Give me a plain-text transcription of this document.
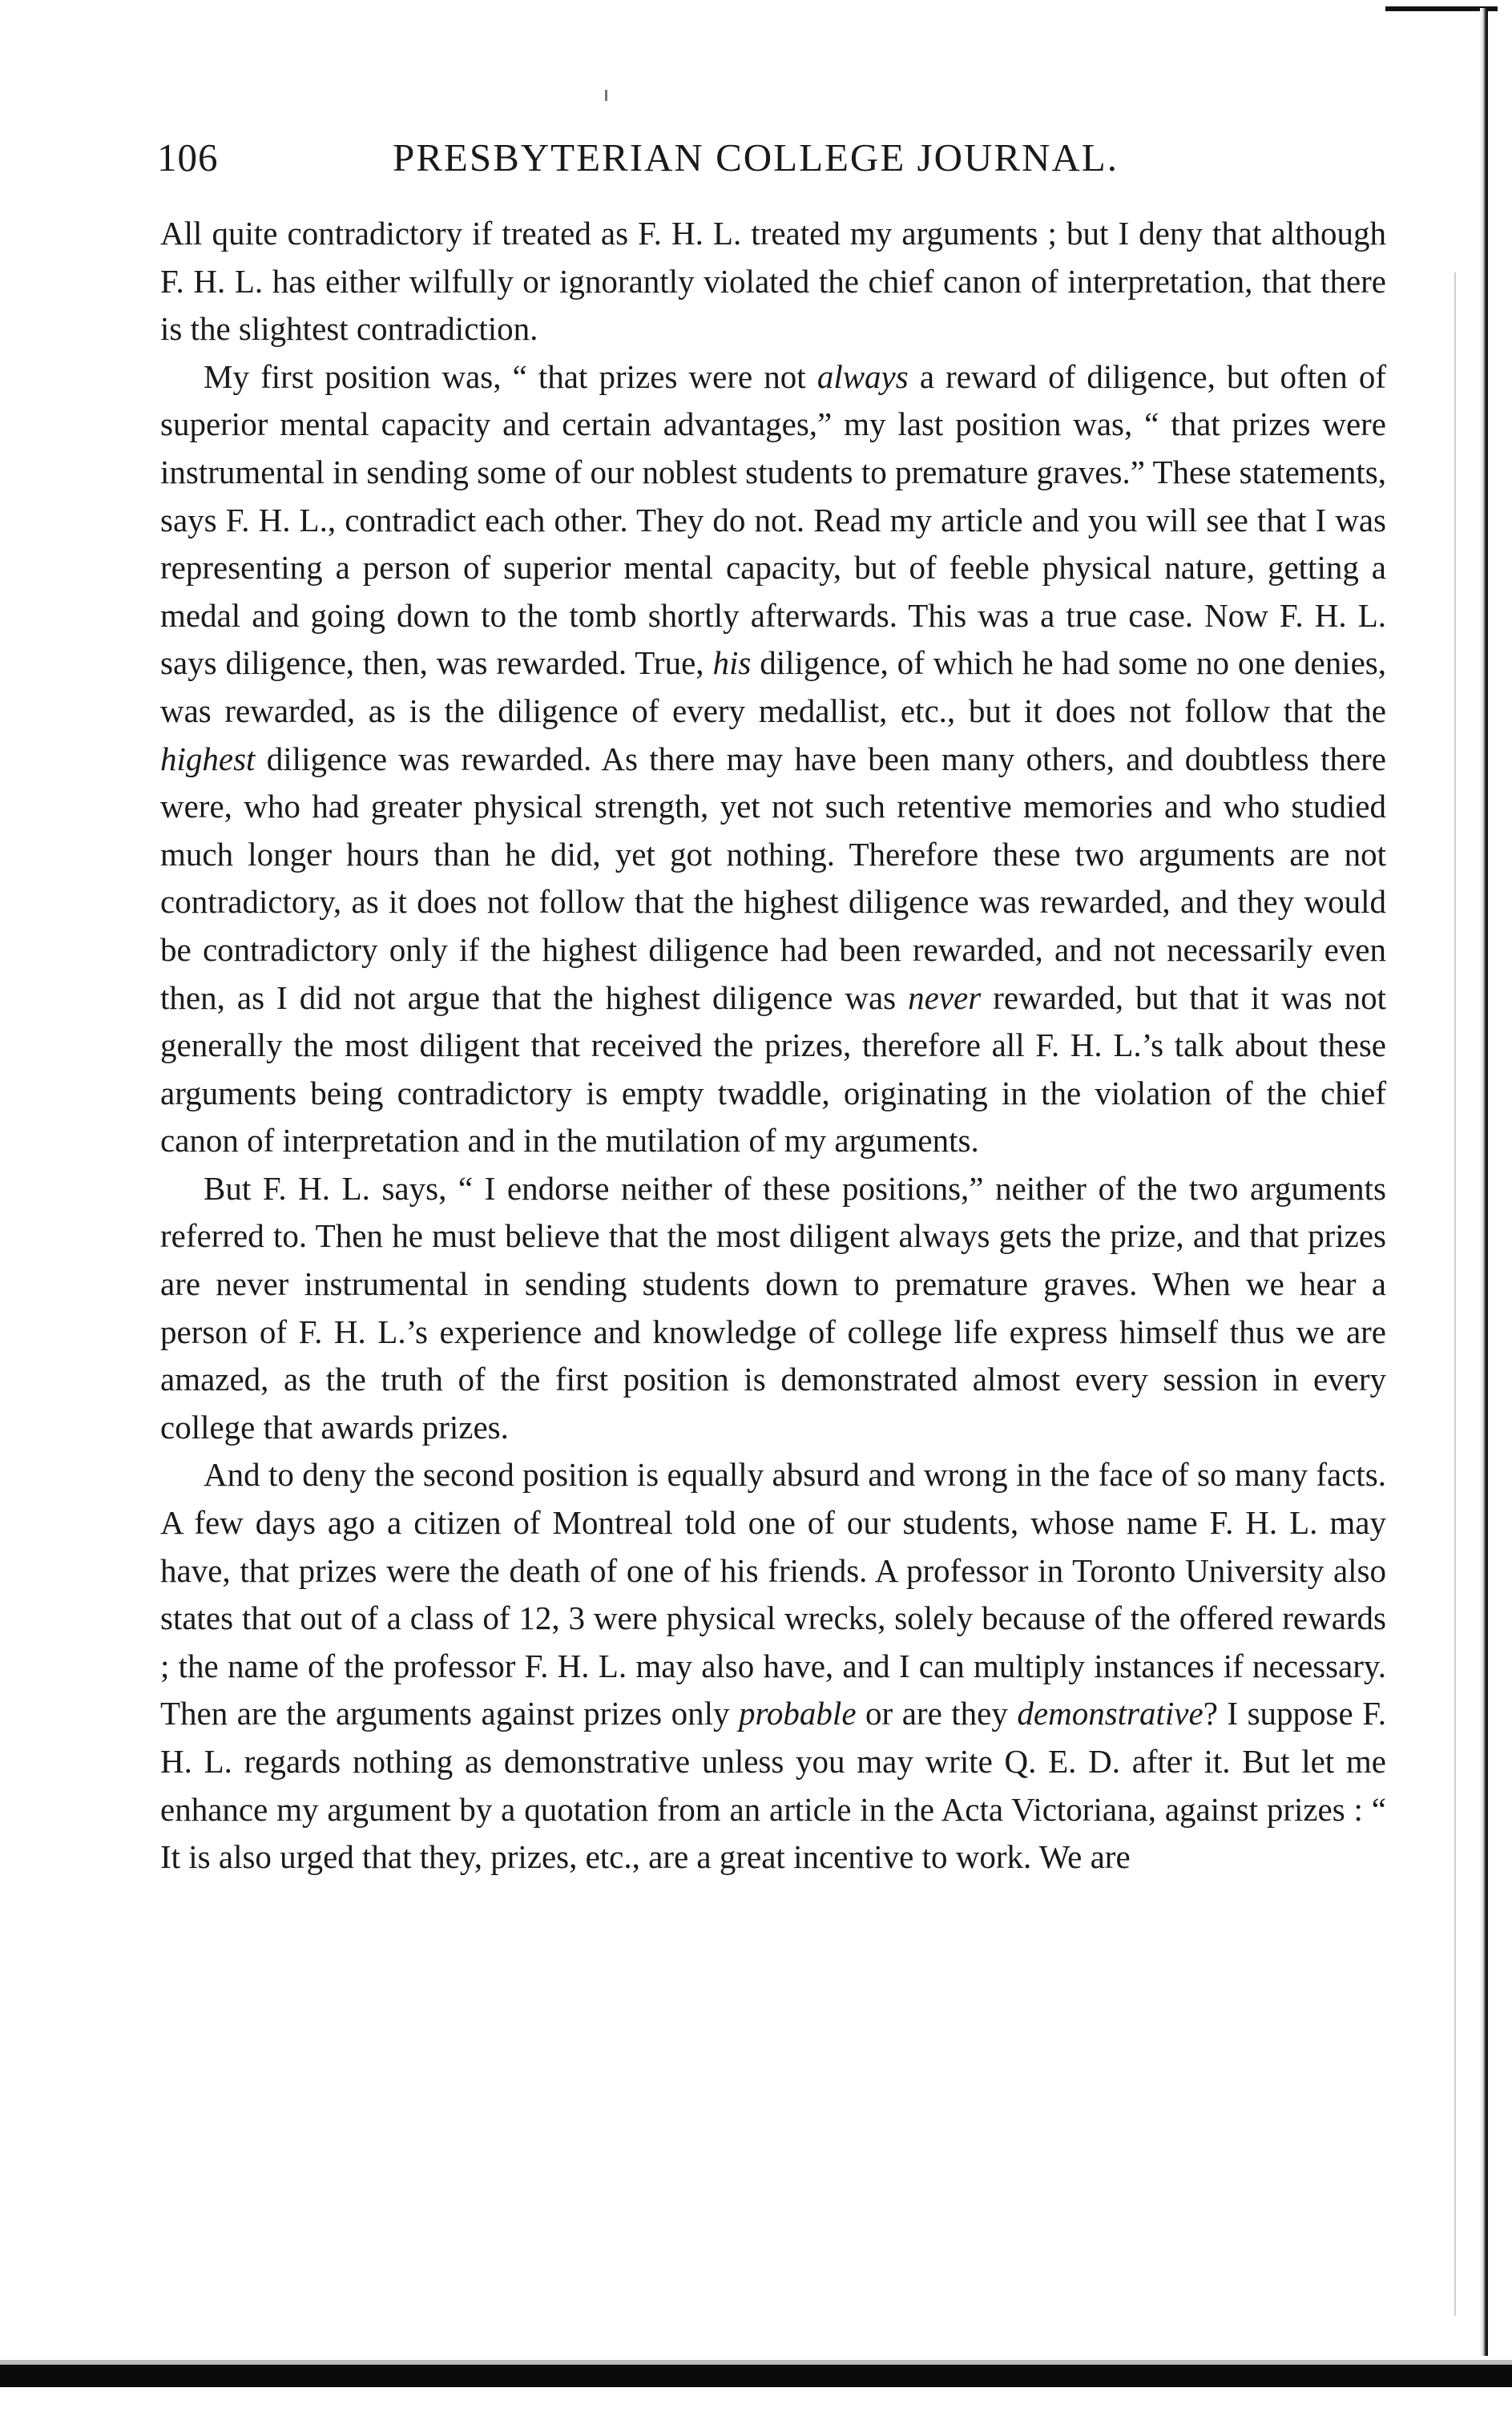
106	PRESBYTERIAN COLLEGE JOURNAL.

All quite contradictory if treated as F. H. L. treated my arguments ; but I deny that although F. H. L. has either wilfully or ignorantly violated the chief canon of interpretation, that there is the slightest contradiction.

My first position was, “ that prizes were not always a reward of diligence, but often of superior mental capacity and certain advantages,” my last position was, “ that prizes were instrumental in sending some of our noblest students to premature graves.” These statements, says F. H. L., contradict each other. They do not. Read my article and you will see that I was representing a person of superior mental capacity, but of feeble physical nature, getting a medal and going down to the tomb shortly afterwards. This was a true case. Now F. H. L. says diligence, then, was rewarded. True, his diligence, of which he had some no one denies, was rewarded, as is the diligence of every medallist, etc., but it does not follow that the highest diligence was rewarded. As there may have been many others, and doubtless there were, who had greater physical strength, yet not such retentive memories and who studied much longer hours than he did, yet got nothing. Therefore these two arguments are not contradictory, as it does not follow that the highest diligence was rewarded, and they would be contradictory only if the highest diligence had been rewarded, and not necessarily even then, as I did not argue that the highest diligence was never rewarded, but that it was not generally the most diligent that received the prizes, therefore all F. H. L.’s talk about these arguments being contradictory is empty twaddle, originating in the violation of the chief canon of interpretation and in the mutilation of my arguments.

But F. H. L. says, “ I endorse neither of these positions,” neither of the two arguments referred to. Then he must believe that the most diligent always gets the prize, and that prizes are never instrumental in sending students down to premature graves. When we hear a person of F. H. L.’s experience and knowledge of college life express himself thus we are amazed, as the truth of the first position is demonstrated almost every session in every college that awards prizes.

And to deny the second position is equally absurd and wrong in the face of so many facts. A few days ago a citizen of Montreal told one of our students, whose name F. H. L. may have, that prizes were the death of one of his friends. A professor in Toronto University also states that out of a class of 12, 3 were physical wrecks, solely because of the offered rewards ; the name of the professor F. H. L. may also have, and I can multiply instances if necessary. Then are the arguments against prizes only probable or are they demonstrative? I suppose F. H. L. regards nothing as demonstrative unless you may write Q. E. D. after it. But let me enhance my argument by a quotation from an article in the Acta Victoriana, against prizes : “ It is also urged that they, prizes, etc., are a great incentive to work. We are
